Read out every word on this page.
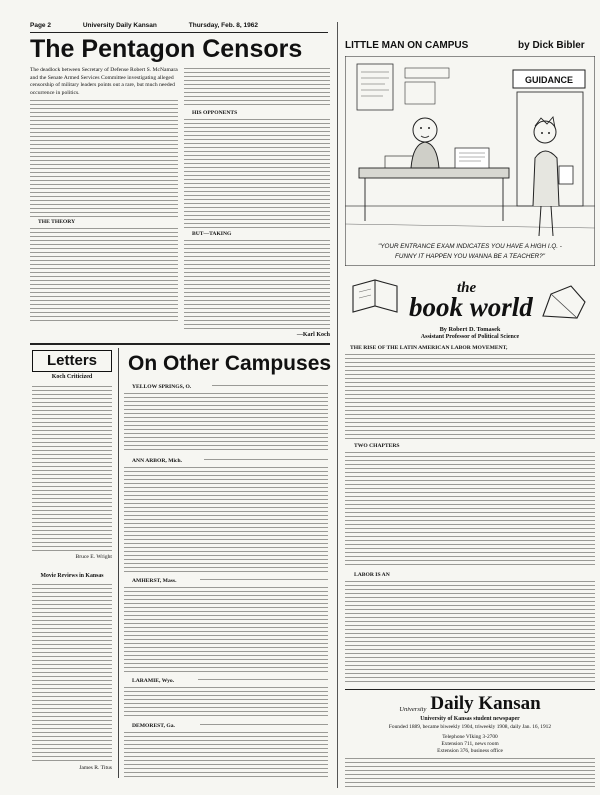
Page 2	University Daily Kansan	Thursday, Feb. 8, 1962
The Pentagon Censors
The deadlock between Secretary of Defense Robert S. McNamara and the Senate Armed Services Committee investigating alleged censorship of military leaders points out a rare, but much needed occurrence in politics.
THE THEORY
HIS OPPONENTS
BUT—TAKING
—Karl Koch
Letters
Koch Criticized
Bruce E. Wright
Movie Reviews in Kansas
James R. Titus
On Other Campuses
YELLOW SPRINGS, O.
ANN ARBOR, Mich.
AMHERST, Mass.
LARAMIE, Wyo.
DEMOREST, Ga.
LITTLE MAN ON CAMPUS	by Dick Bibler
GUIDANCE
"YOUR ENTRANCE EXAM INDICATES YOU HAVE A HIGH I.Q. -
FUNNY IT HAPPEN YOU WANNA BE A TEACHER?"
the
book world
By Robert D. Tomasek
Assistant Professor of Political Science
THE RISE OF THE LATIN AMERICAN LABOR MOVEMENT,
TWO CHAPTERS
LABOR IS AN
University Daily Kansan
University of Kansas student newspaper
Founded 1889, became biweekly 1904, triweekly 1908, daily Jan. 16, 1912
Telephone VIking 3-2700
Extension 711, news room
Extension 376, business office
